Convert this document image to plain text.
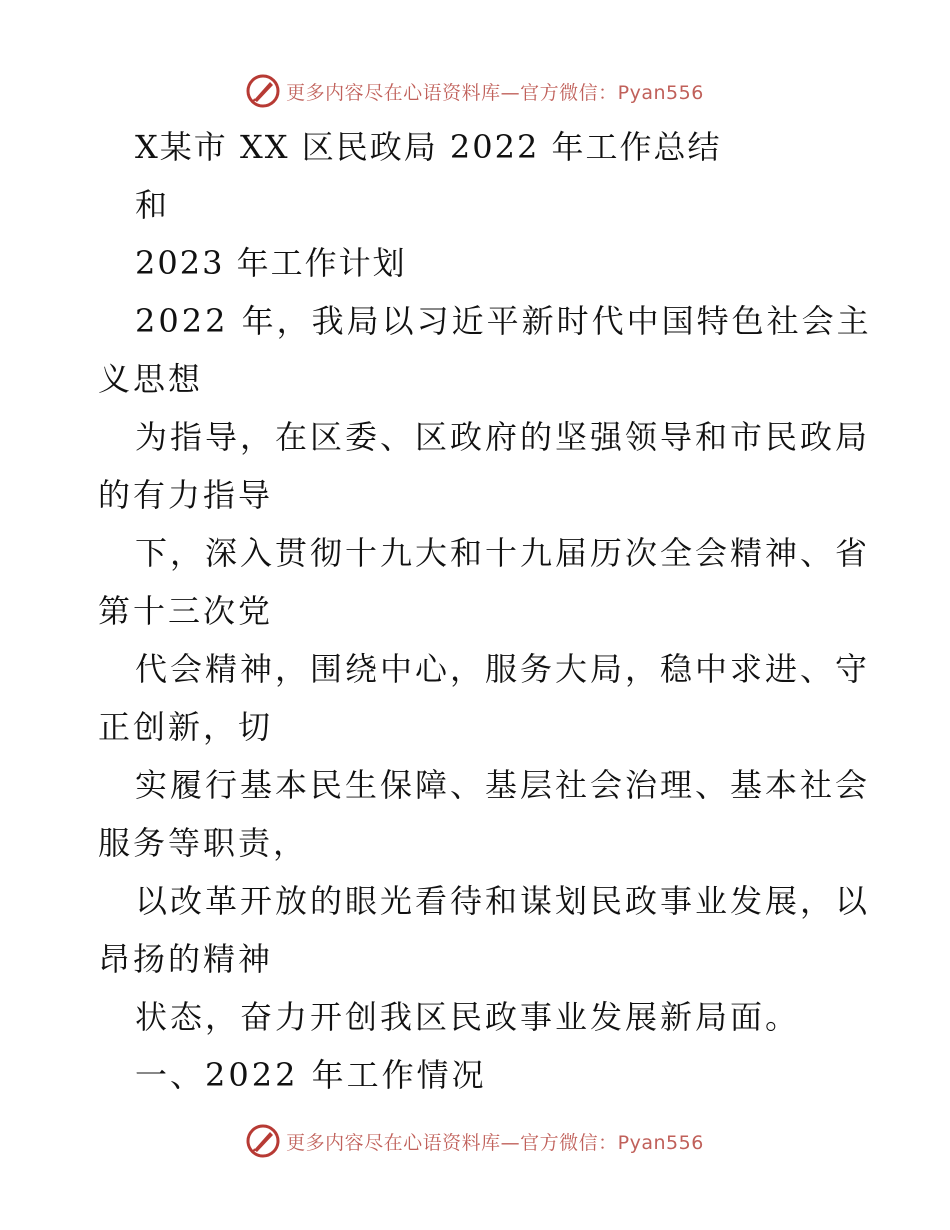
更多内容尽在心语资料库—官方微信：Pyan556
X某市 XX 区民政局 2022 年工作总结
和
2023 年工作计划
2022 年，我局以习近平新时代中国特色社会主
义思想
为指导，在区委、区政府的坚强领导和市民政局
的有力指导
下，深入贯彻十九大和十九届历次全会精神、省
第十三次党
代会精神，围绕中心，服务大局，稳中求进、守
正创新，切
实履行基本民生保障、基层社会治理、基本社会
服务等职责，
以改革开放的眼光看待和谋划民政事业发展，以
昂扬的精神
状态，奋力开创我区民政事业发展新局面。
一、2022 年工作情况
更多内容尽在心语资料库—官方微信：Pyan556
